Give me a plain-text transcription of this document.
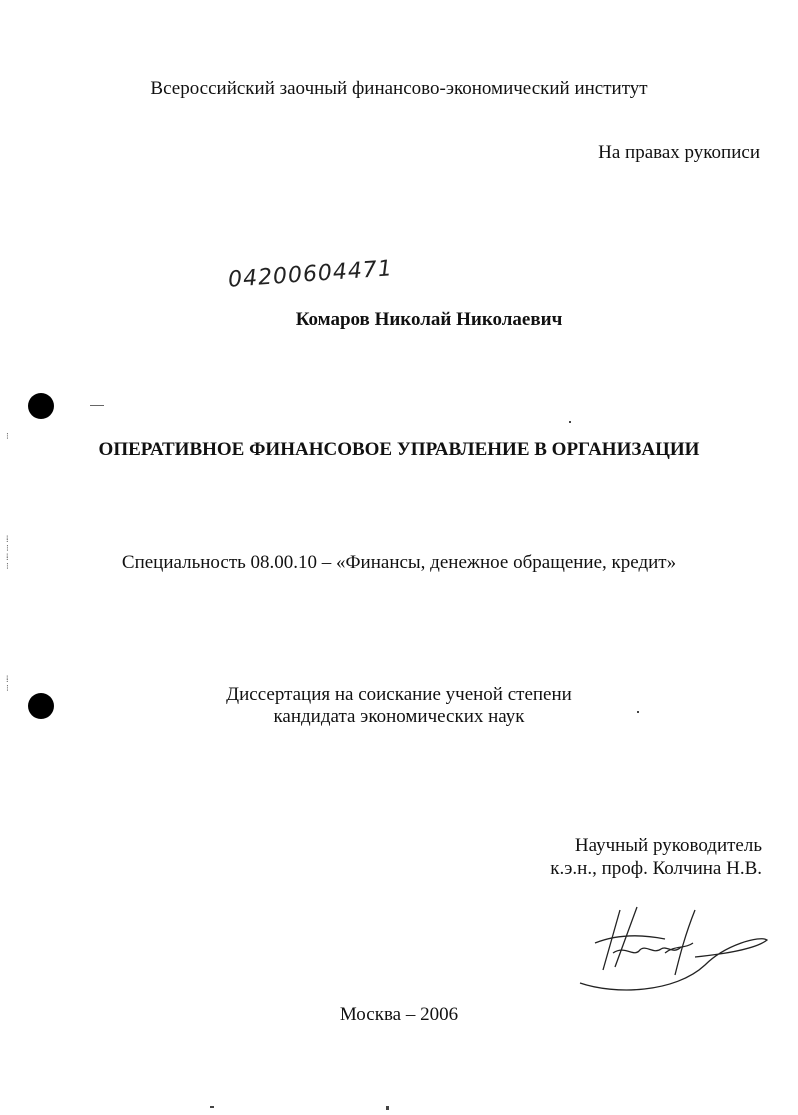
Всероссийский заочный финансово-экономический институт
На правах рукописи
04200604471
Комаров Николай Николаевич
ОПЕРАТИВНОЕ ФИНАНСОВОЕ УПРАВЛЕНИЕ В ОРГАНИЗАЦИИ
Специальность 08.00.10 – «Финансы, денежное обращение, кредит»
Диссертация на соискание ученой степени
кандидата экономических наук
Научный руководитель
к.э.н., проф. Колчина Н.В.
Москва – 2006
⁝
⁞
⁝
⁞
⁝
⁞
⁝
